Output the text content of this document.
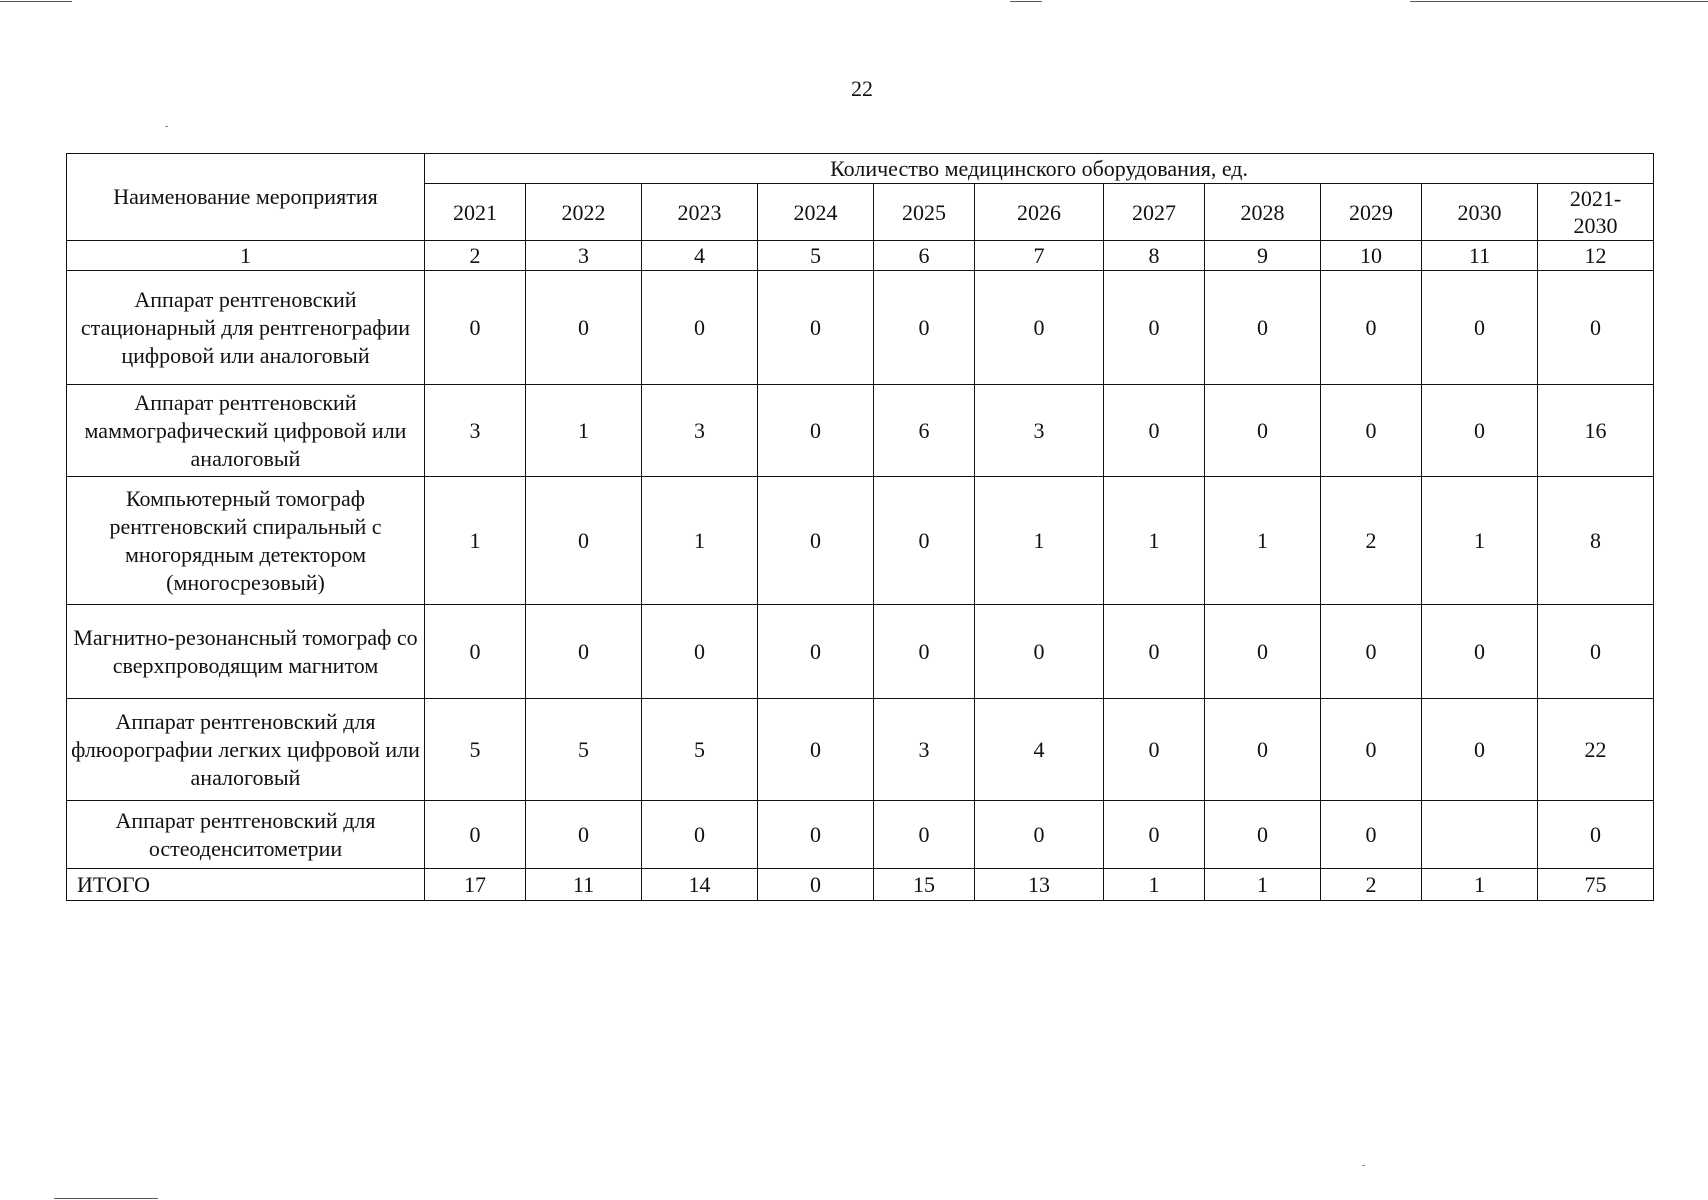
22
Наименование мероприятия	Количество медицинского оборудования, ед.										
	2021	2022	2023	2024	2025	2026	2027	2028	2029	2030	2021-
2030
1	2	3	4	5	6	7	8	9	10	11	12
Аппарат рентгеновский стационарный для рентгенографии цифровой или аналоговый	0	0	0	0	0	0	0	0	0	0	0
Аппарат рентгеновский маммографический цифровой или аналоговый	3	1	3	0	6	3	0	0	0	0	16
Компьютерный томограф рентгеновский спиральный с многорядным детектором (многосрезовый)	1	0	1	0	0	1	1	1	2	1	8
Магнитно-резонансный томограф со сверхпроводящим магнитом	0	0	0	0	0	0	0	0	0	0	0
Аппарат рентгеновский для флюорографии легких цифровой или аналоговый	5	5	5	0	3	4	0	0	0	0	22
Аппарат рентгеновский для остеоденситометрии	0	0	0	0	0	0	0	0	0		0
ИТОГО	17	11	14	0	15	13	1	1	2	1	75
